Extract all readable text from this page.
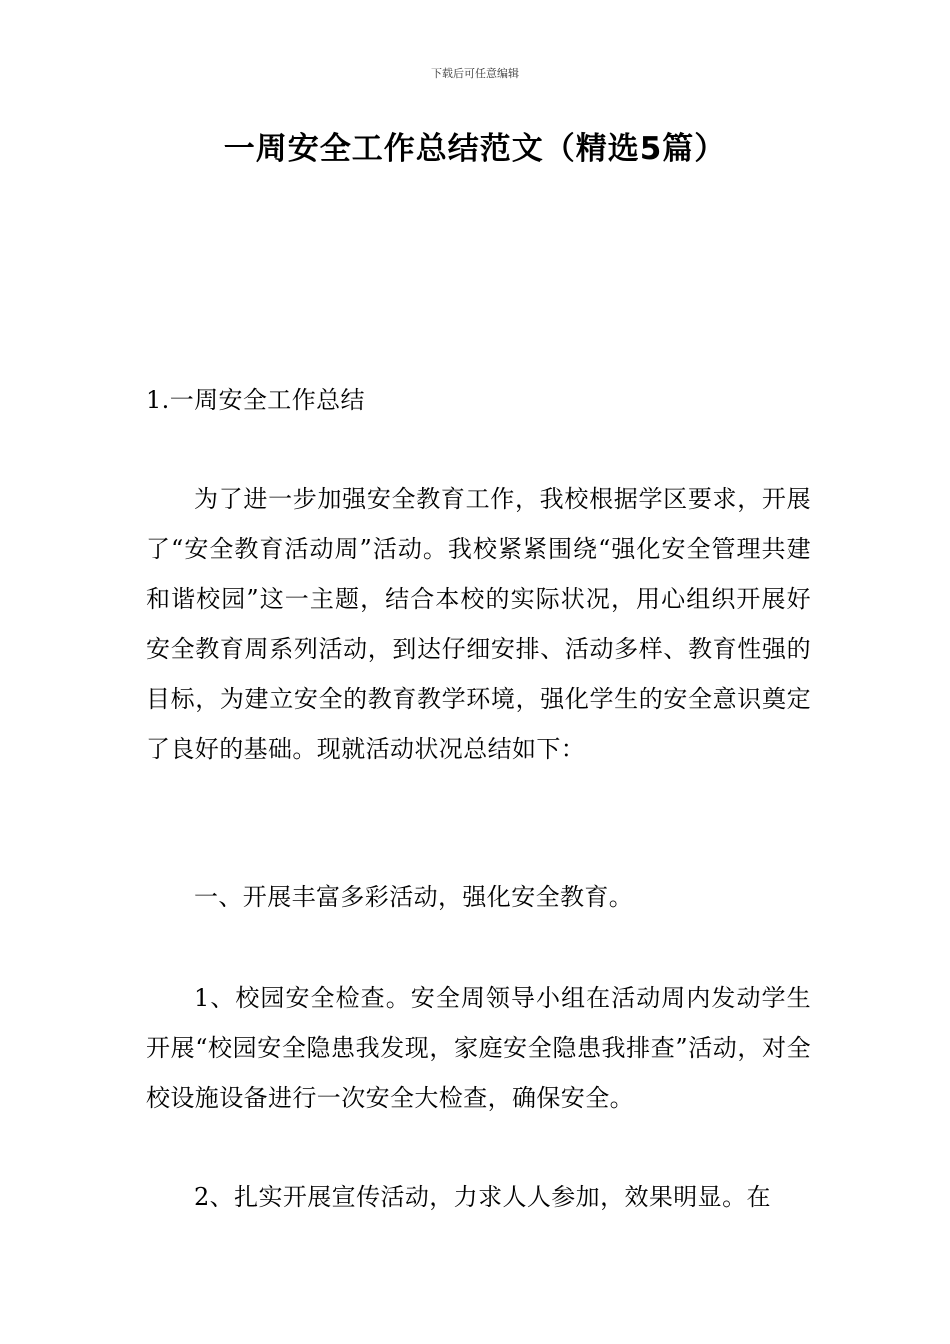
下载后可任意编辑
一周安全工作总结范文（精选5篇）

1.一周安全工作总结

为了进一步加强安全教育工作，我校根据学区要求，开展了“安全教育活动周”活动。我校紧紧围绕“强化安全管理共建和谐校园”这一主题，结合本校的实际状况，用心组织开展好安全教育周系列活动，到达仔细安排、活动多样、教育性强的目标，为建立安全的教育教学环境，强化学生的安全意识奠定了良好的基础。现就活动状况总结如下：

一、开展丰富多彩活动，强化安全教育。

1、校园安全检查。安全周领导小组在活动周内发动学生开展“校园安全隐患我发现，家庭安全隐患我排查”活动，对全校设施设备进行一次安全大检查，确保安全。

2、扎实开展宣传活动，力求人人参加，效果明显。在
